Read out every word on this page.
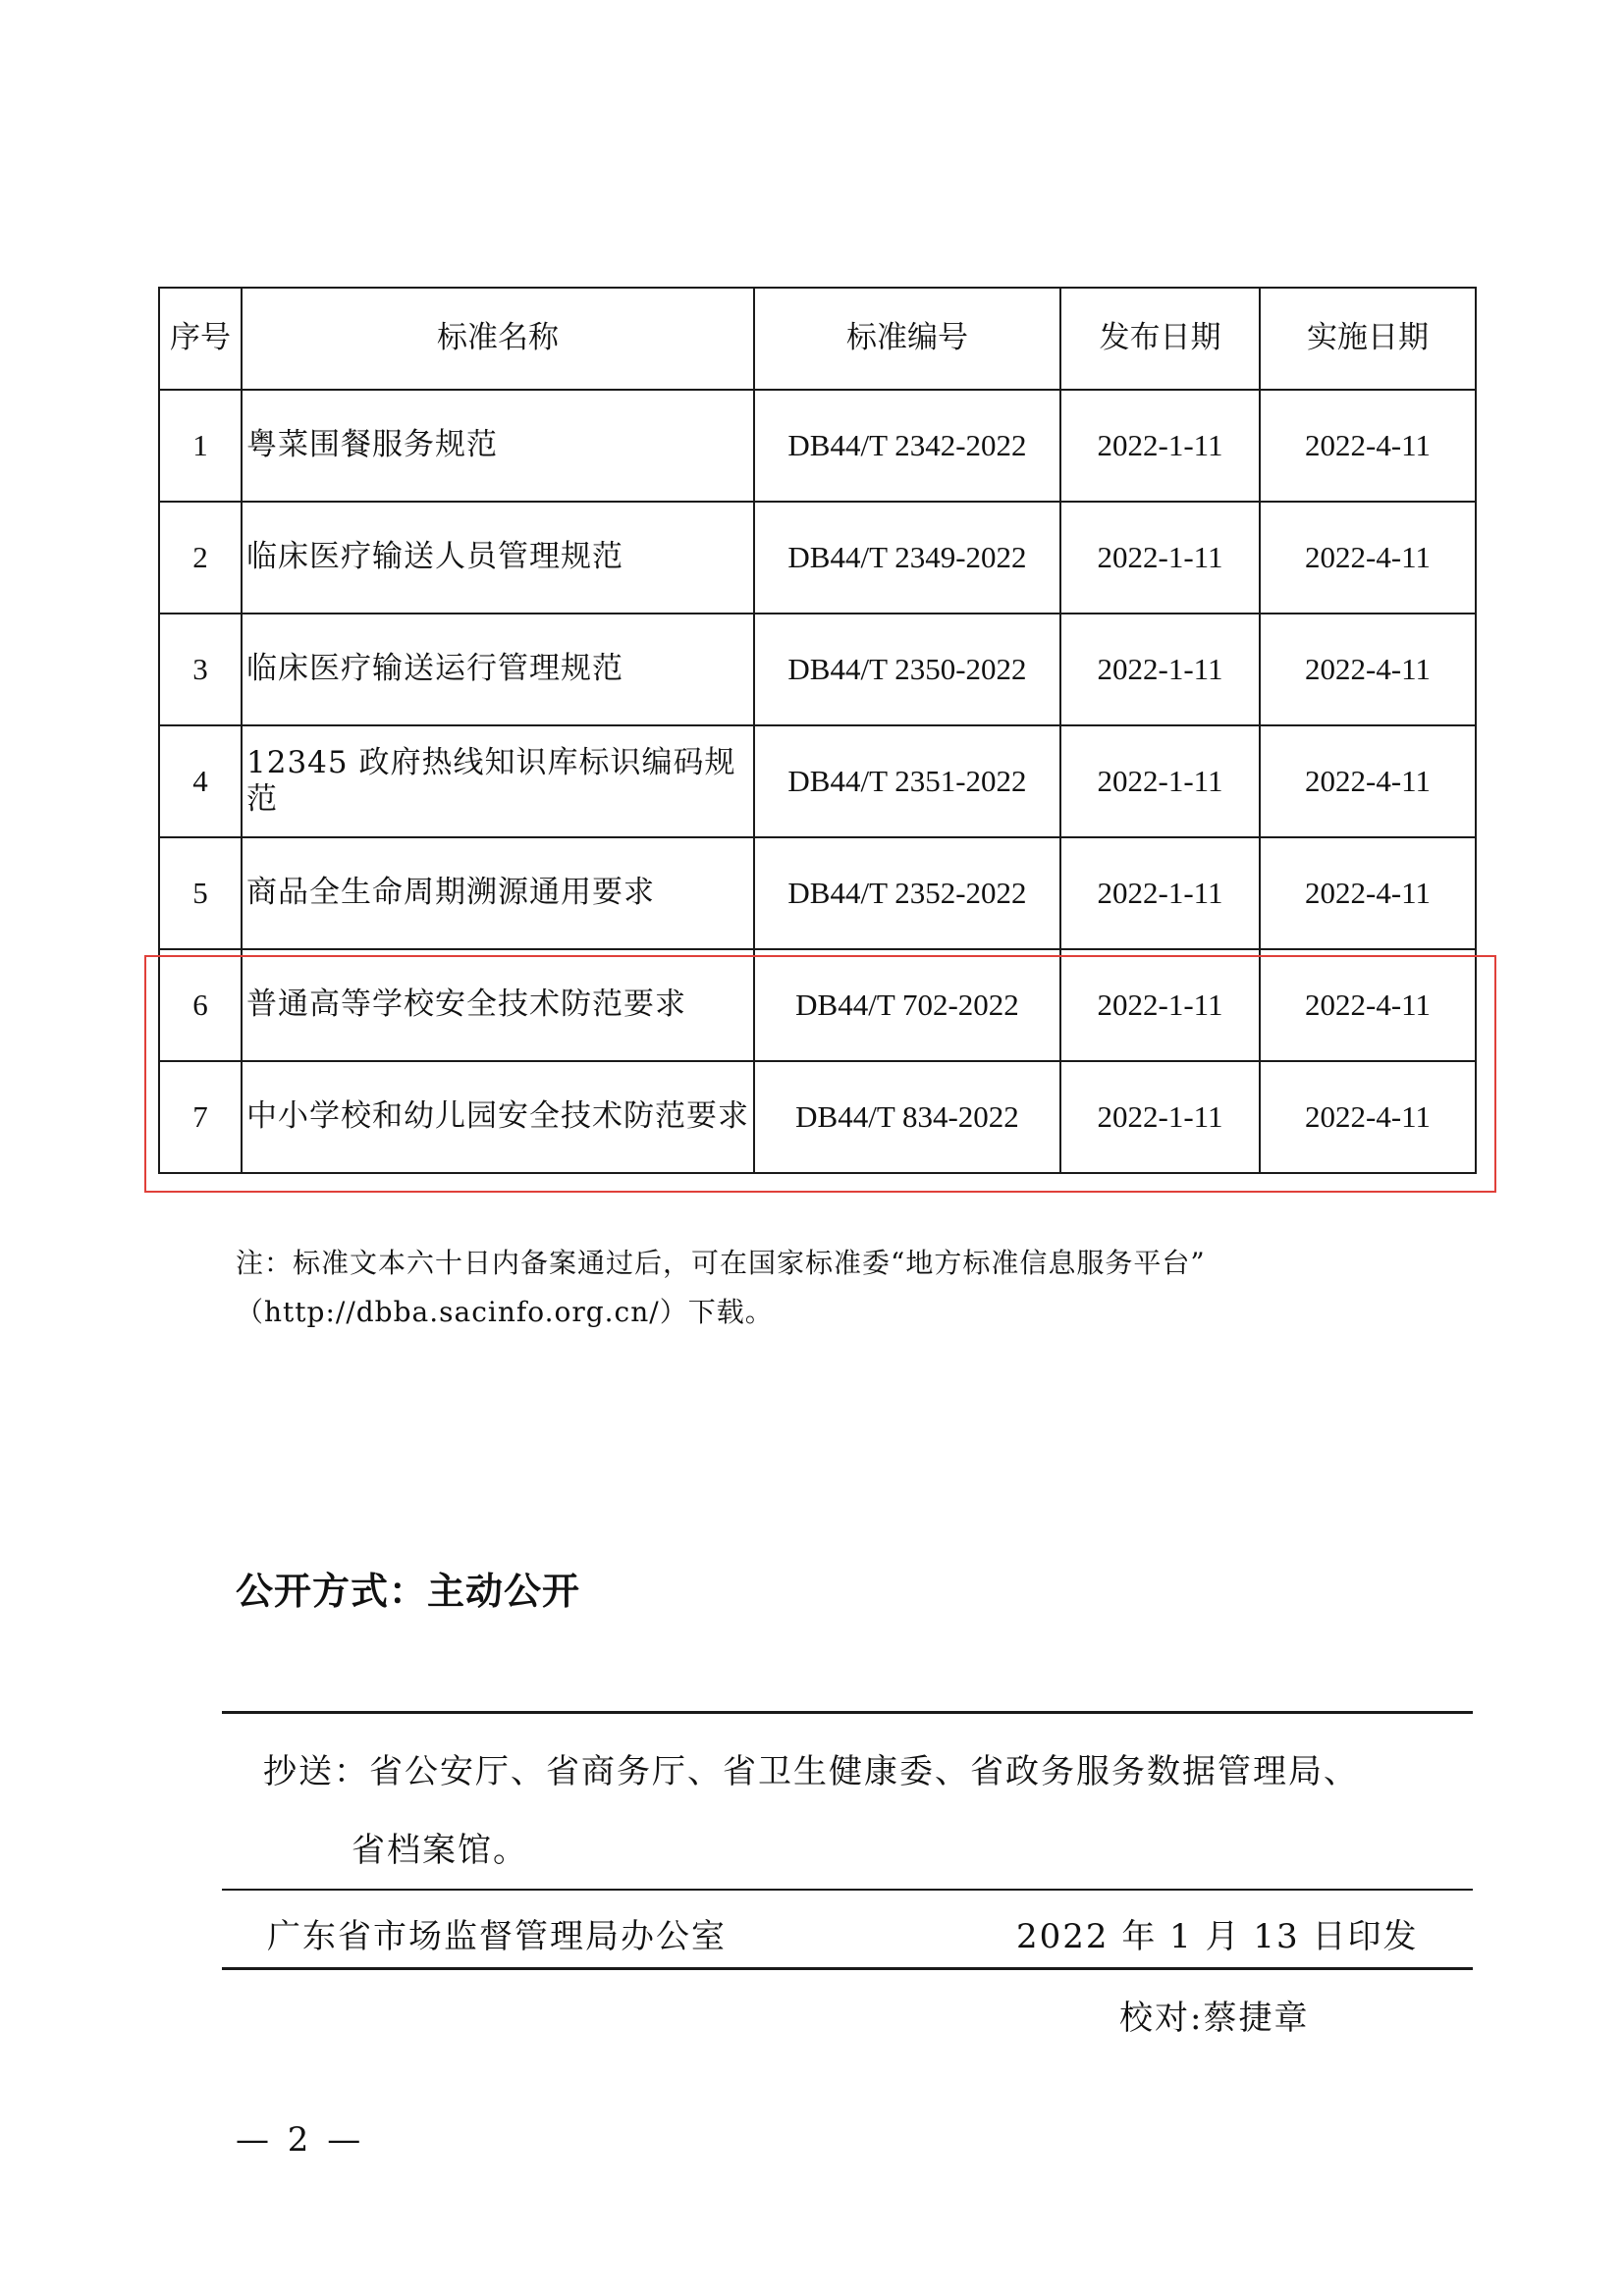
序号	标准名称	标准编号	发布日期	实施日期
1	粤菜围餐服务规范	DB44/T 2342-2022	2022-1-11	2022-4-11
2	临床医疗输送人员管理规范	DB44/T 2349-2022	2022-1-11	2022-4-11
3	临床医疗输送运行管理规范	DB44/T 2350-2022	2022-1-11	2022-4-11
4	12345 政府热线知识库标识编码规范	DB44/T 2351-2022	2022-1-11	2022-4-11
5	商品全生命周期溯源通用要求	DB44/T 2352-2022	2022-1-11	2022-4-11
6	普通高等学校安全技术防范要求	DB44/T 702-2022	2022-1-11	2022-4-11
7	中小学校和幼儿园安全技术防范要求	DB44/T 834-2022	2022-1-11	2022-4-11
注：标准文本六十日内备案通过后，可在国家标准委“地方标准信息服务平台”
（http://dbba.sacinfo.org.cn/）下载。
公开方式：主动公开
抄送：省公安厅、省商务厅、省卫生健康委、省政务服务数据管理局、
省档案馆。
广东省市场监督管理局办公室	2022 年 1 月 13 日印发
校对:蔡捷章
— 2 —
